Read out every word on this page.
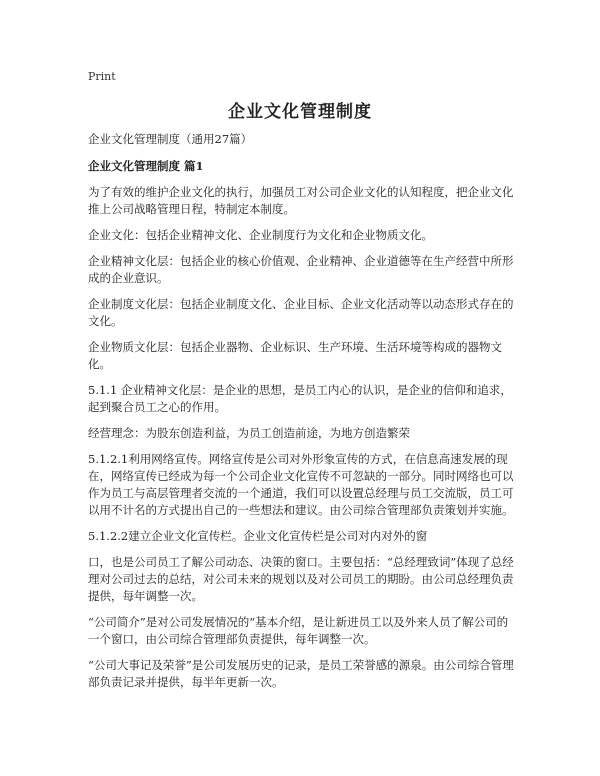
Print
企业文化管理制度

企业文化管理制度（通用27篇）

企业文化管理制度 篇1

为了有效的维护企业文化的执行，加强员工对公司企业文化的认知程度，把企业文化推上公司战略管理日程，特制定本制度。

企业文化：包括企业精神文化、企业制度行为文化和企业物质文化。

企业精神文化层：包括企业的核心价值观、企业精神、企业道德等在生产经营中所形成的企业意识。

企业制度文化层：包括企业制度文化、企业目标、企业文化活动等以动态形式存在的文化。

企业物质文化层：包括企业器物、企业标识、生产环境、生活环境等构成的器物文化。

5.1.1 企业精神文化层：是企业的思想，是员工内心的认识，是企业的信仰和追求，起到聚合员工之心的作用。

经营理念：为股东创造利益，为员工创造前途，为地方创造繁荣

5.1.2.1利用网络宣传。网络宣传是公司对外形象宣传的方式，在信息高速发展的现在，网络宣传已经成为每一个公司企业文化宣传不可忽缺的一部分。同时网络也可以作为员工与高层管理者交流的一个通道，我们可以设置总经理与员工交流版，员工可以用不计名的方式提出自己的一些想法和建议。由公司综合管理部负责策划并实施。

5.1.2.2建立企业文化宣传栏。企业文化宣传栏是公司对内对外的窗

口，也是公司员工了解公司动态、决策的窗口。主要包括：“总经理致词”体现了总经理对公司过去的总结，对公司未来的规划以及对公司员工的期盼。由公司总经理负责提供，每年调整一次。

“公司简介”是对公司发展情况的“基本介绍，是让新进员工以及外来人员了解公司的一个窗口，由公司综合管理部负责提供，每年调整一次。

“公司大事记及荣誉”是公司发展历史的记录，是员工荣誉感的源泉。由公司综合管理部负责记录并提供，每半年更新一次。
